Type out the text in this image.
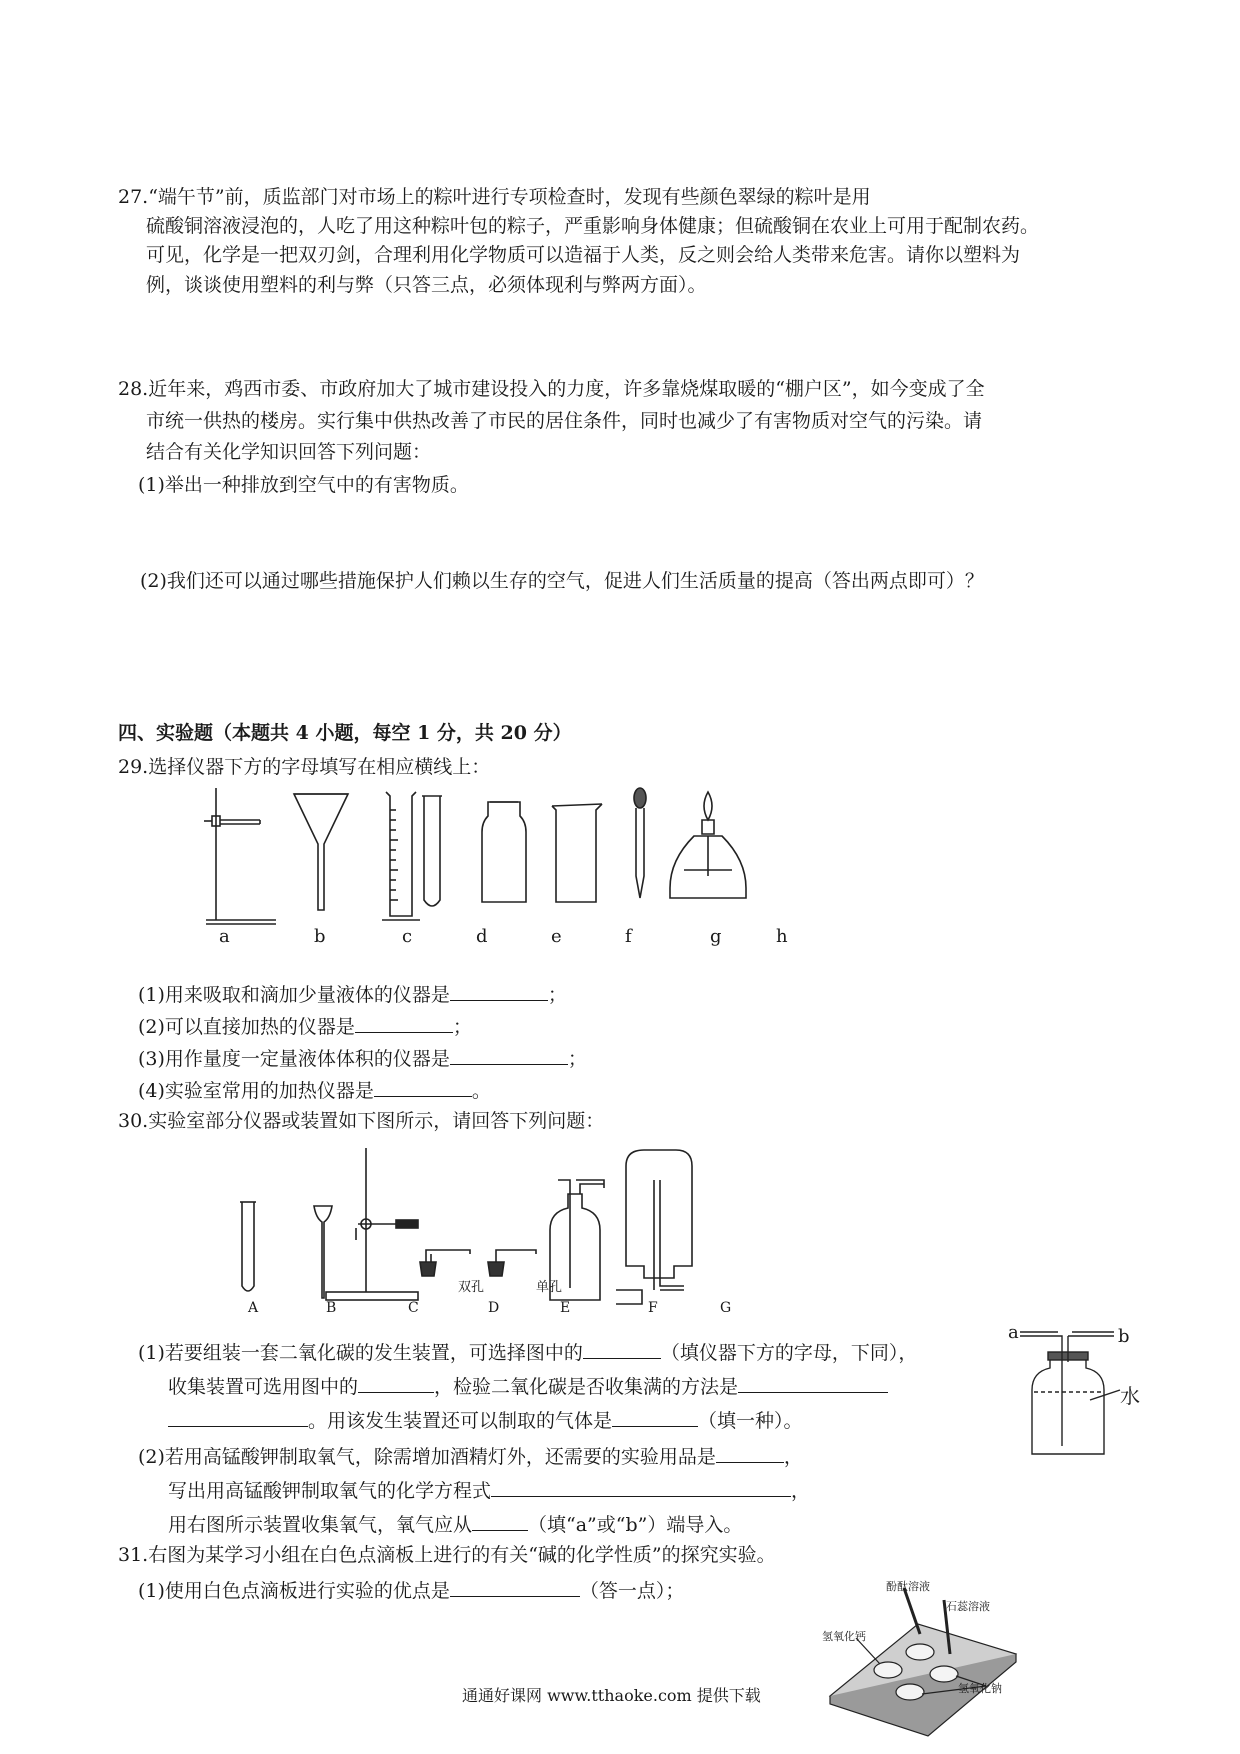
27.“端午节”前，质监部门对市场上的粽叶进行专项检查时，发现有些颜色翠绿的粽叶是用
硫酸铜溶液浸泡的，人吃了用这种粽叶包的粽子，严重影响身体健康；但硫酸铜在农业上可用于配制农药。
可见，化学是一把双刃剑，合理利用化学物质可以造福于人类，反之则会给人类带来危害。请你以塑料为
例，谈谈使用塑料的利与弊（只答三点，必须体现利与弊两方面）。
28.近年来，鸡西市委、市政府加大了城市建设投入的力度，许多靠烧煤取暖的“棚户区”，如今变成了全
市统一供热的楼房。实行集中供热改善了市民的居住条件，同时也减少了有害物质对空气的污染。请
结合有关化学知识回答下列问题：
(1)举出一种排放到空气中的有害物质。
(2)我们还可以通过哪些措施保护人们赖以生存的空气，促进人们生活质量的提高（答出两点即可）？
四、实验题（本题共 4 小题，每空 1 分，共 20 分）
29.选择仪器下方的字母填写在相应横线上：
a	b	c	d	e	f	g	h
(1)用来吸取和滴加少量液体的仪器是	；
(2)可以直接加热的仪器是	；
(3)用作量度一定量液体体积的仪器是	；
(4)实验室常用的加热仪器是	。
30.实验室部分仪器或装置如下图所示，请回答下列问题：
A	B	C	D	E	F	G
双孔	单孔
a	b
水
(1)若要组装一套二氧化碳的发生装置，可选择图中的	（填仪器下方的字母，下同），
收集装置可选用图中的	，检验二氧化碳是否收集满的方法是
。用该发生装置还可以制取的气体是	（填一种）。
(2)若用高锰酸钾制取氧气，除需增加酒精灯外，还需要的实验用品是	，
写出用高锰酸钾制取氧气的化学方程式	，
用右图所示装置收集氧气，氧气应从	（填“a”或“b”）端导入。
31.右图为某学习小组在白色点滴板上进行的有关“碱的化学性质”的探究实验。
(1)使用白色点滴板进行实验的优点是	（答一点）；	酚酞溶液
石蕊溶液
氢氧化钙
氢氧化钠
通通好课网 www.tthaoke.com 提供下载
